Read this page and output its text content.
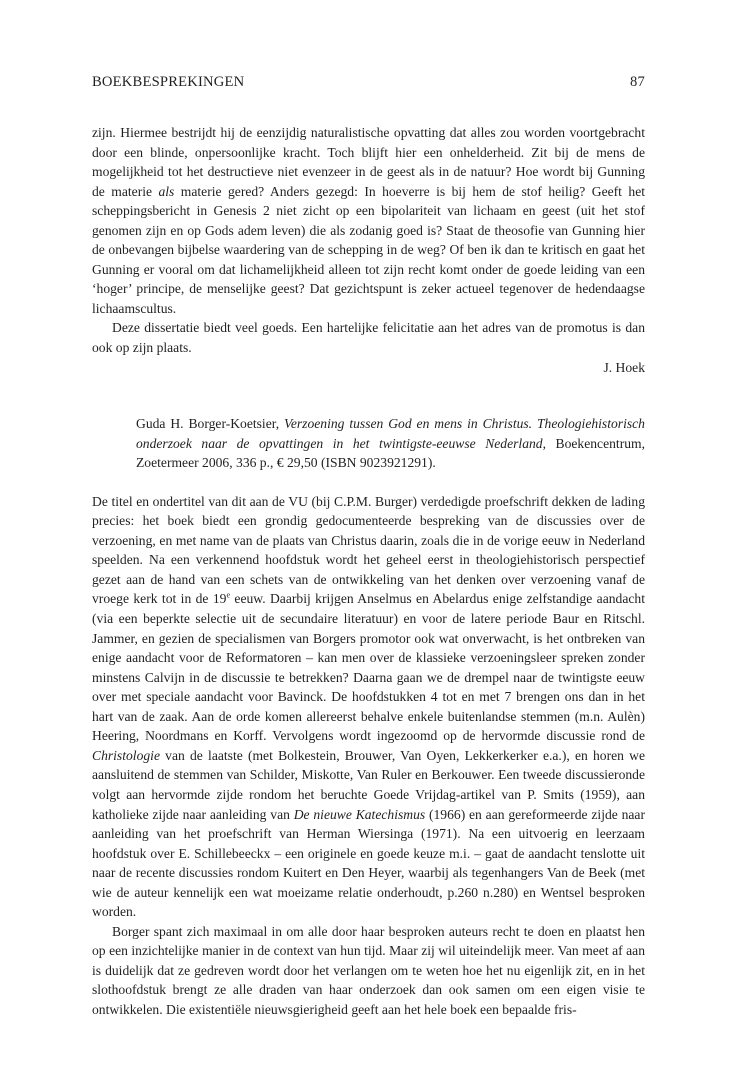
BOEKBESPREKINGEN	87

zijn. Hiermee bestrijdt hij de eenzijdig naturalistische opvatting dat alles zou worden voortgebracht door een blinde, onpersoonlijke kracht. Toch blijft hier een onhelderheid. Zit bij de mens de mogelijkheid tot het destructieve niet evenzeer in de geest als in de natuur? Hoe wordt bij Gunning de materie als materie gered? Anders gezegd: In hoeverre is bij hem de stof heilig? Geeft het scheppingsbericht in Genesis 2 niet zicht op een bipolariteit van lichaam en geest (uit het stof genomen zijn en op Gods adem leven) die als zodanig goed is? Staat de theosofie van Gunning hier de onbevangen bijbelse waardering van de schepping in de weg? Of ben ik dan te kritisch en gaat het Gunning er vooral om dat lichamelijkheid alleen tot zijn recht komt onder de goede leiding van een ‘hoger’ principe, de menselijke geest? Dat gezichtspunt is zeker actueel tegenover de hedendaagse lichaamscultus.

Deze dissertatie biedt veel goeds. Een hartelijke felicitatie aan het adres van de promotus is dan ook op zijn plaats.

J. Hoek
Guda H. Borger-Koetsier, Verzoening tussen God en mens in Christus. Theologiehistorisch onderzoek naar de opvattingen in het twintigste-eeuwse Nederland, Boekencentrum, Zoetermeer 2006, 336 p., € 29,50 (ISBN 9023921291).

De titel en ondertitel van dit aan de VU (bij C.P.M. Burger) verdedigde proefschrift dekken de lading precies: het boek biedt een grondig gedocumenteerde bespreking van de discussies over de verzoening, en met name van de plaats van Christus daarin, zoals die in de vorige eeuw in Nederland speelden. Na een verkennend hoofdstuk wordt het geheel eerst in theologiehistorisch perspectief gezet aan de hand van een schets van de ontwikkeling van het denken over verzoening vanaf de vroege kerk tot in de 19e eeuw. Daarbij krijgen Anselmus en Abelardus enige zelfstandige aandacht (via een beperkte selectie uit de secundaire literatuur) en voor de latere periode Baur en Ritschl. Jammer, en gezien de specialismen van Borgers promotor ook wat onverwacht, is het ontbreken van enige aandacht voor de Reformatoren – kan men over de klassieke verzoeningsleer spreken zonder minstens Calvijn in de discussie te betrekken? Daarna gaan we de drempel naar de twintigste eeuw over met speciale aandacht voor Bavinck. De hoofdstukken 4 tot en met 7 brengen ons dan in het hart van de zaak. Aan de orde komen allereerst behalve enkele buitenlandse stemmen (m.n. Aulèn) Heering, Noordmans en Korff. Vervolgens wordt ingezoomd op de hervormde discussie rond de Christologie van de laatste (met Bolkestein, Brouwer, Van Oyen, Lekkerkerker e.a.), en horen we aansluitend de stemmen van Schilder, Miskotte, Van Ruler en Berkouwer. Een tweede discussieronde volgt aan hervormde zijde rondom het beruchte Goede Vrijdag-artikel van P. Smits (1959), aan katholieke zijde naar aanleiding van De nieuwe Katechismus (1966) en aan gereformeerde zijde naar aanleiding van het proefschrift van Herman Wiersinga (1971). Na een uitvoerig en leerzaam hoofdstuk over E. Schillebeeckx – een originele en goede keuze m.i. – gaat de aandacht tenslotte uit naar de recente discussies rondom Kuitert en Den Heyer, waarbij als tegenhangers Van de Beek (met wie de auteur kennelijk een wat moeizame relatie onderhoudt, p.260 n.280) en Wentsel besproken worden.

Borger spant zich maximaal in om alle door haar besproken auteurs recht te doen en plaatst hen op een inzichtelijke manier in de context van hun tijd. Maar zij wil uiteindelijk meer. Van meet af aan is duidelijk dat ze gedreven wordt door het verlangen om te weten hoe het nu eigenlijk zit, en in het slothoofdstuk brengt ze alle draden van haar onderzoek dan ook samen om een eigen visie te ontwikkelen. Die existentiële nieuwsgierigheid geeft aan het hele boek een bepaalde fris-
